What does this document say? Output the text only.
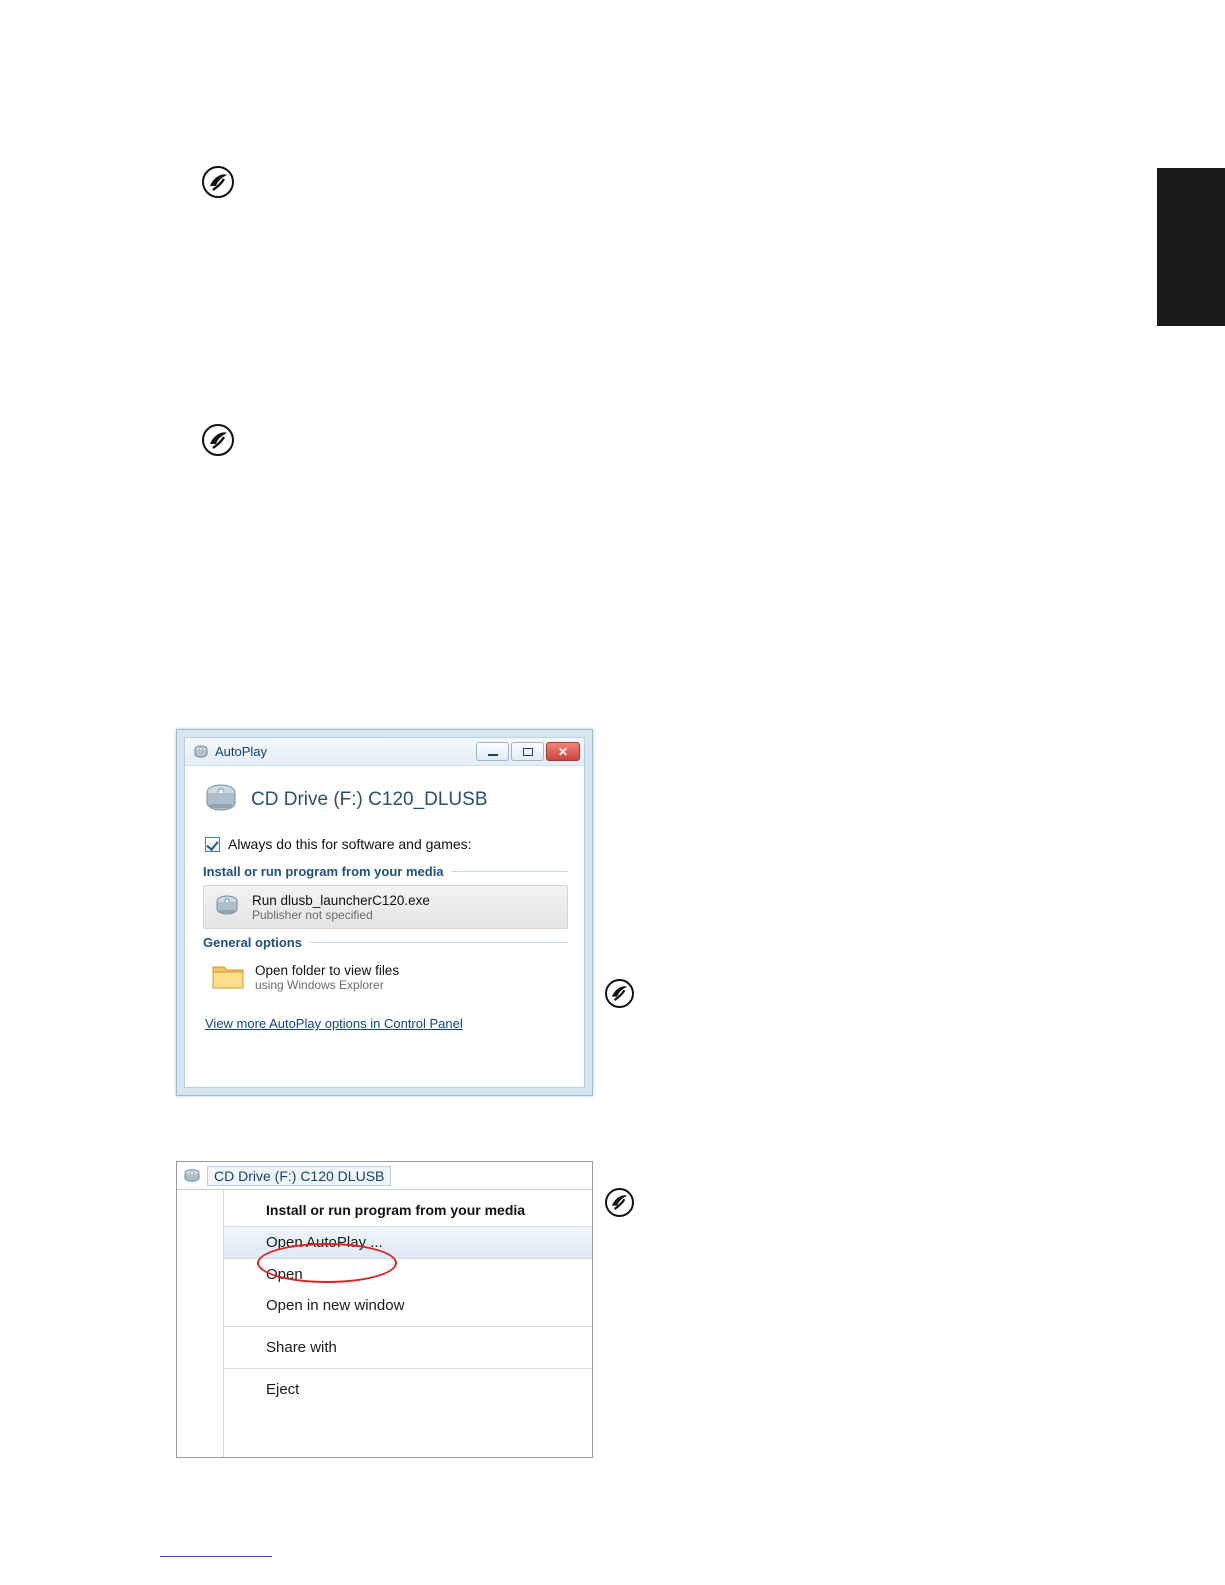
AutoPlay	✕
CD Drive (F:) C120_DLUSB
Always do this for software and games:
Install or run program from your media
Run dlusb_launcherC120.exe
Publisher not specified
General options
Open folder to view files
using Windows Explorer
View more AutoPlay options in Control Panel
CD Drive (F:) C120 DLUSB
Install or run program from your media
Open AutoPlay ...
Open
Open in new window
Share with
Eject
